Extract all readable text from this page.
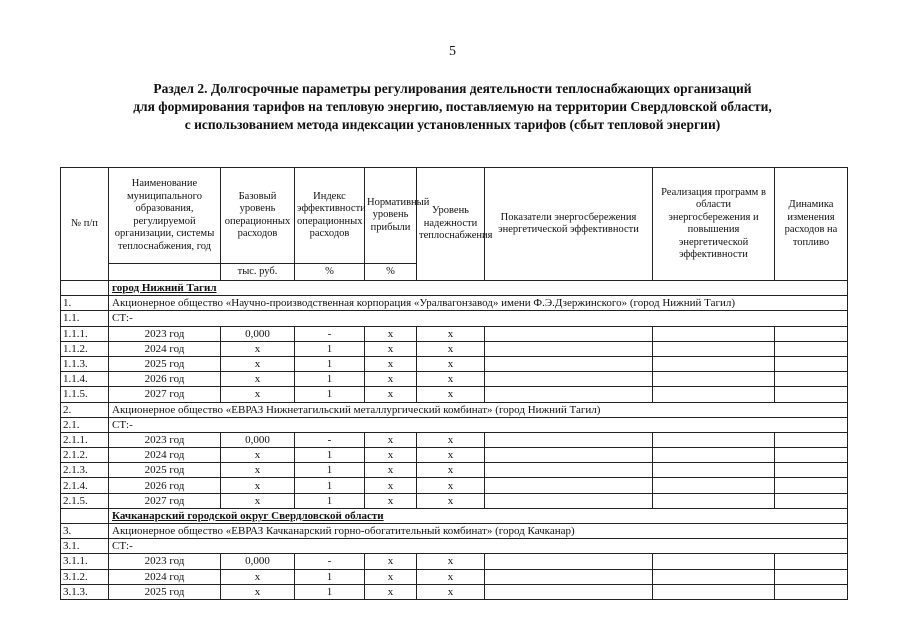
5
Раздел 2. Долгосрочные параметры регулирования деятельности теплоснабжающих организаций
для формирования тарифов на тепловую энергию, поставляемую на территории Свердловской области,
с использованием метода индексации установленных тарифов (сбыт тепловой энергии)
№ п/п	Наименование муниципального образования, регулируемой организации, системы теплоснабжения, год	Базовый уровень операционных расходов	Индекс эффективности операционных расходов	Нормативный уровень прибыли	Уровень надежности теплоснабжения	Показатели энергосбережения энергетической эффективности	Реализация программ в области энергосбережения и повышения энергетической эффективности	Динамика изменения расходов на топливо
		тыс. руб.	%	%				
	город Нижний Тагил							
1.	Акционерное общество «Научно-производственная корпорация «Уралвагонзавод» имени Ф.Э.Дзержинского» (город Нижний Тагил)							
1.1.	СТ:-							
1.1.1.	2023 год	0,000	-	х	х			
1.1.2.	2024 год	х	1	х	х			
1.1.3.	2025 год	х	1	х	х			
1.1.4.	2026 год	х	1	х	х			
1.1.5.	2027 год	х	1	х	х			
2.	Акционерное общество «ЕВРАЗ Нижнетагильский металлургический комбинат» (город Нижний Тагил)							
2.1.	СТ:-							
2.1.1.	2023 год	0,000	-	х	х			
2.1.2.	2024 год	х	1	х	х			
2.1.3.	2025 год	х	1	х	х			
2.1.4.	2026 год	х	1	х	х			
2.1.5.	2027 год	х	1	х	х			
	Качканарский городской округ Свердловской области							
3.	Акционерное общество «ЕВРАЗ Качканарский горно-обогатительный комбинат» (город Качканар)							
3.1.	СТ:-							
3.1.1.	2023 год	0,000	-	х	х			
3.1.2.	2024 год	х	1	х	х			
3.1.3.	2025 год	х	1	х	х			
